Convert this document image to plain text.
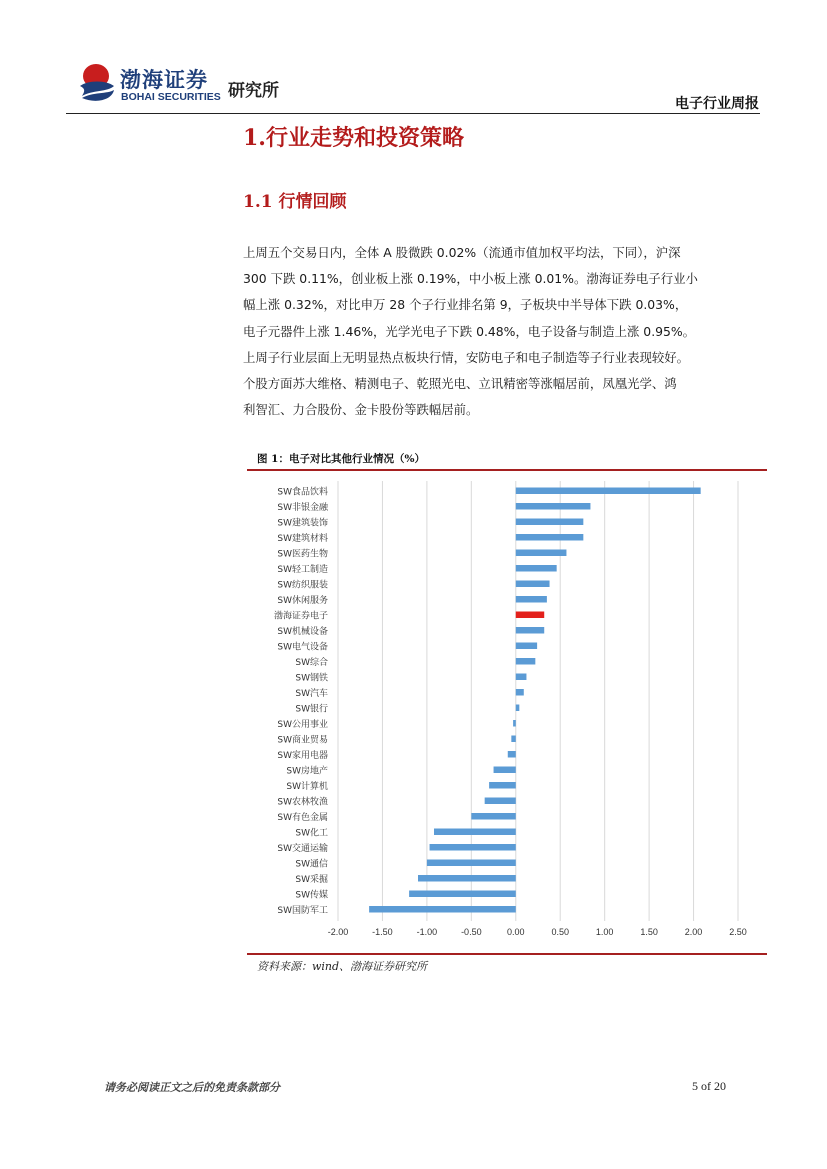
渤海证券
BOHAI SECURITIES 研究所
电子行业周报
1.行业走势和投资策略
1.1 行情回顾
上周五个交易日内，全体 A 股微跌 0.02%（流通市值加权平均法，下同），沪深
300 下跌 0.11%，创业板上涨 0.19%，中小板上涨 0.01%。渤海证券电子行业小
幅上涨 0.32%，对比申万 28 个子行业排名第 9，子板块中半导体下跌 0.03%，
电子元器件上涨 1.46%，光学光电子下跌 0.48%，电子设备与制造上涨 0.95%。
上周子行业层面上无明显热点板块行情，安防电子和电子制造等子行业表现较好。
个股方面苏大维格、精测电子、乾照光电、立讯精密等涨幅居前，凤凰光学、鸿
利智汇、力合股份、金卡股份等跌幅居前。
图 1：电子对比其他行业情况（%）
-2.00	-1.50	-1.00	-0.50	0.00	0.50	1.00	1.50	2.00	2.50
SW食品饮料
SW非银金融
SW建筑装饰
SW建筑材料
SW医药生物
SW轻工制造
SW纺织服装
SW休闲服务
渤海证券电子
SW机械设备
SW电气设备
SW综合
SW钢铁
SW汽车
SW银行
SW公用事业
SW商业贸易
SW家用电器
SW房地产
SW计算机
SW农林牧渔
SW有色金属
SW化工
SW交通运输
SW通信
SW采掘
SW传媒
SW国防军工
资料来源：wind、渤海证券研究所
请务必阅读正文之后的免责条款部分	5 of 20
